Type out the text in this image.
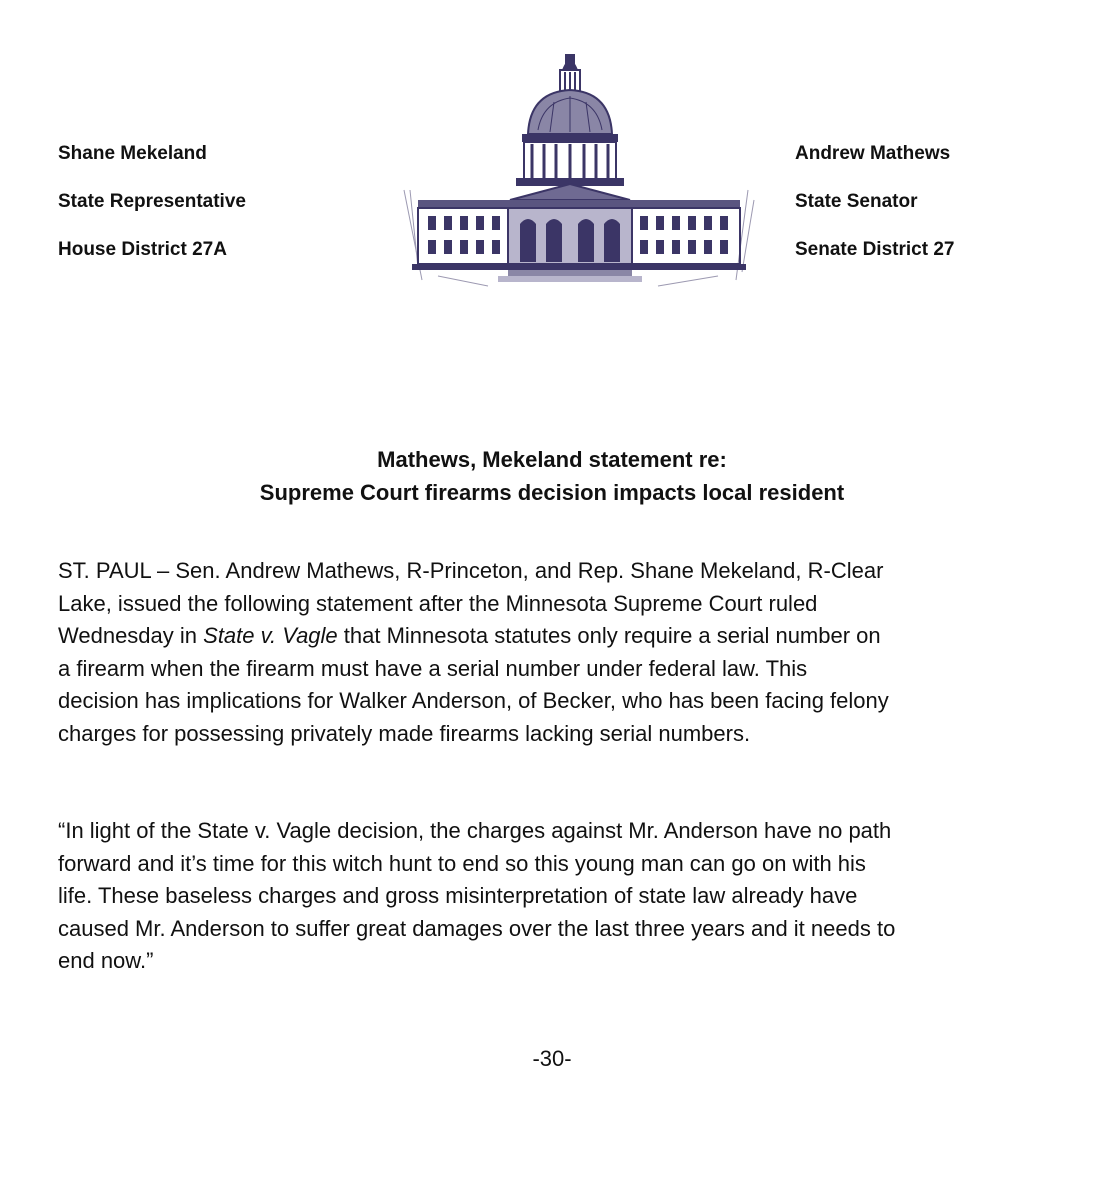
Shane Mekeland
State Representative
House District 27A
Andrew Mathews
State Senator
Senate District 27
Mathews, Mekeland statement re:
Supreme Court firearms decision impacts local resident
ST. PAUL – Sen. Andrew Mathews, R-Princeton, and Rep. Shane Mekeland, R-Clear
Lake, issued the following statement after the Minnesota Supreme Court ruled
Wednesday in State v. Vagle that Minnesota statutes only require a serial number on
a firearm when the firearm must have a serial number under federal law. This
decision has implications for Walker Anderson, of Becker, who has been facing felony
charges for possessing privately made firearms lacking serial numbers.
“In light of the State v. Vagle decision, the charges against Mr. Anderson have no path
forward and it’s time for this witch hunt to end so this young man can go on with his
life. These baseless charges and gross misinterpretation of state law already have
caused Mr. Anderson to suffer great damages over the last three years and it needs to
end now.”
-30-
